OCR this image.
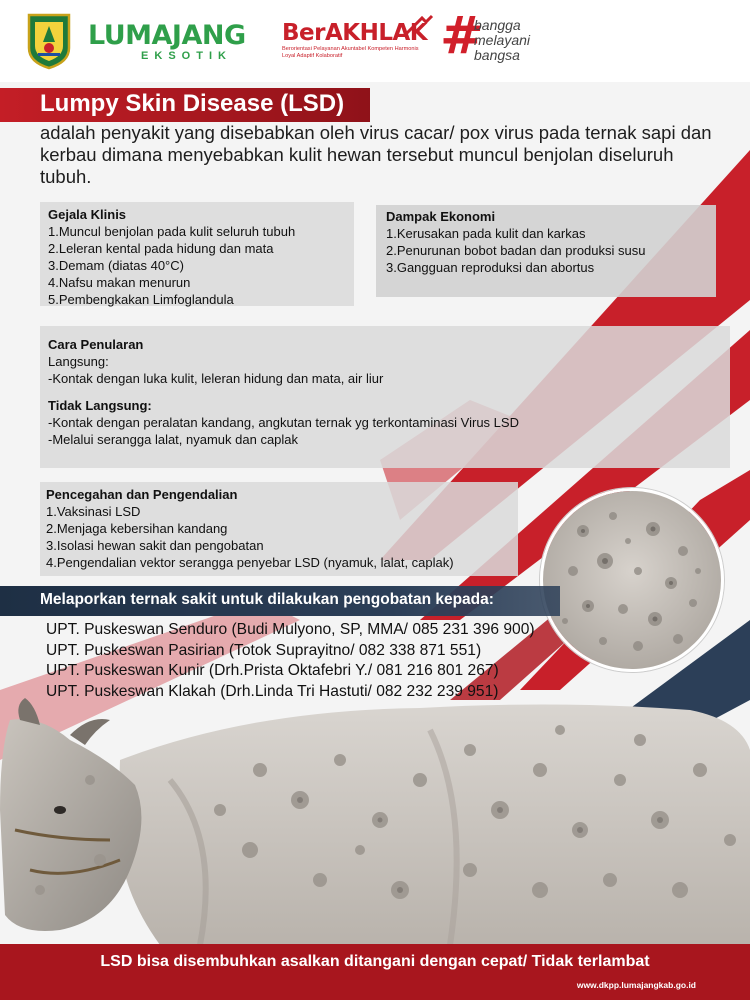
LUMAJANG
EKSOTIK
BerAKHLAK
Berorientasi Pelayanan Akuntabel Kompeten Harmonis Loyal Adaptif Kolaboratif	#
bangga
melayani
bangsa
Lumpy Skin Disease (LSD)
adalah penyakit yang disebabkan oleh virus cacar/ pox virus pada ternak sapi dan kerbau dimana menyebabkan kulit hewan tersebut muncul benjolan diseluruh tubuh.
Gejala Klinis
1.Muncul benjolan pada kulit seluruh tubuh
2.Leleran kental pada hidung dan mata
3.Demam (diatas 40°C)
4.Nafsu makan menurun
5.Pembengkakan Limfoglandula
Dampak Ekonomi
1.Kerusakan pada kulit dan karkas
2.Penurunan bobot badan dan produksi susu
3.Gangguan reproduksi dan abortus
Cara Penularan
Langsung:
-Kontak dengan luka kulit, leleran hidung dan mata, air liur
Tidak Langsung:
-Kontak dengan peralatan kandang, angkutan ternak yg terkontaminasi Virus LSD
-Melalui serangga lalat, nyamuk dan caplak
Pencegahan dan Pengendalian
1.Vaksinasi LSD
2.Menjaga kebersihan kandang
3.Isolasi hewan sakit dan pengobatan
4.Pengendalian vektor serangga penyebar LSD (nyamuk, lalat, caplak)
Melaporkan ternak sakit untuk dilakukan pengobatan kepada:
UPT. Puskeswan Senduro (Budi Mulyono, SP, MMA/ 085 231 396 900)
UPT. Puskeswan Pasirian (Totok Suprayitno/ 082 338 871 551)
UPT. Puskeswan Kunir (Drh.Prista Oktafebri Y./ 081 216 801 267)
UPT. Puskeswan Klakah (Drh.Linda Tri Hastuti/ 082 232 239 951)
LSD bisa disembuhkan asalkan ditangani dengan cepat/ Tidak terlambat
www.dkpp.lumajangkab.go.id
